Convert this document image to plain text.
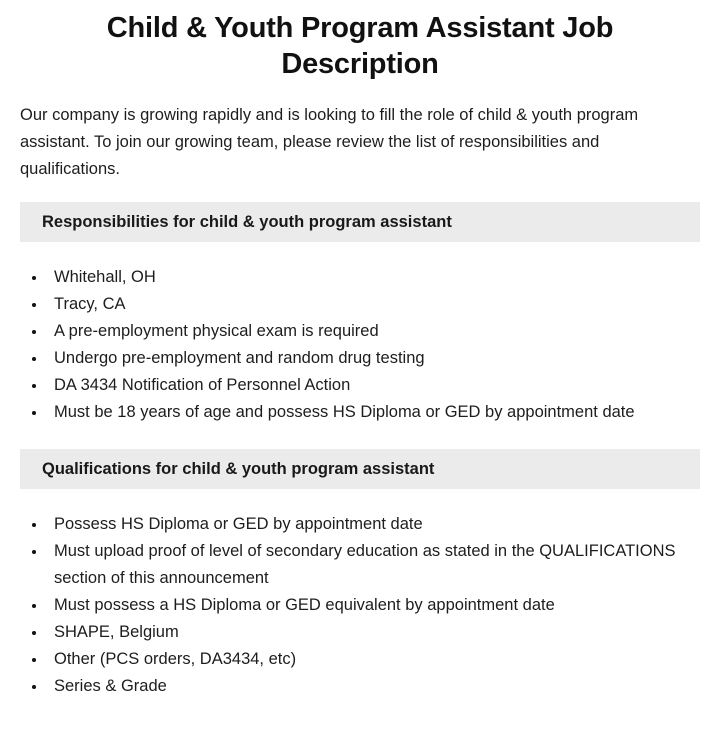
Child & Youth Program Assistant Job Description

Our company is growing rapidly and is looking to fill the role of child & youth program assistant. To join our growing team, please review the list of responsibilities and qualifications.

Responsibilities for child & youth program assistant
• Whitehall, OH
• Tracy, CA
• A pre-employment physical exam is required
• Undergo pre-employment and random drug testing
• DA 3434 Notification of Personnel Action
• Must be 18 years of age and possess HS Diploma or GED by appointment date
Qualifications for child & youth program assistant
• Possess HS Diploma or GED by appointment date
• Must upload proof of level of secondary education as stated in the QUALIFICATIONS section of this announcement
• Must possess a HS Diploma or GED equivalent by appointment date
• SHAPE, Belgium
• Other (PCS orders, DA3434, etc)
• Series & Grade
